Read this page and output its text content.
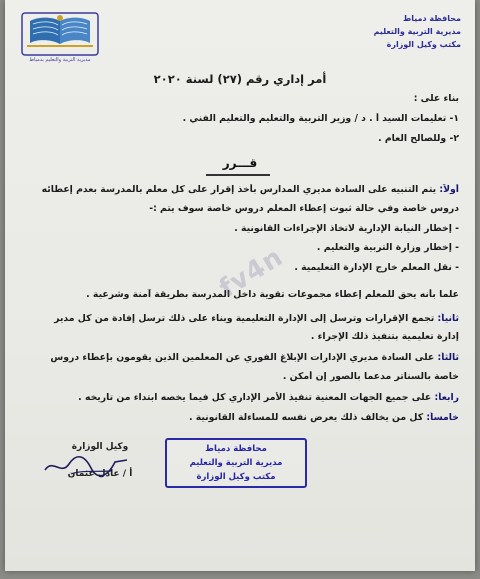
محافظة دمياط
مديرية التربية والتعليم
مكتب وكيل الوزارة
مديرية التربية والتعليم بدمياط
أمر إداري رقم (٢٧) لسنة ٢٠٢٠
بناء على :
١- تعليمات السيد أ . د / وزير التربية والتعليم والتعليم الفني .
٢- وللصالح العام .
قـــرر
أولاً: يتم التنبيه على السادة مديري المدارس بأخذ إقرار على كل معلم بالمدرسة بعدم إعطائه
دروس خاصة وفي حالة ثبوت إعطاء المعلم دروس خاصة سوف يتم :-
- إخطار النيابة الإدارية لاتخاذ الإجراءات القانونية .
- إخطار وزارة التربية والتعليم .
- نقل المعلم خارج الإدارة التعليمية .
علما بأنه يحق للمعلم إعطاء مجموعات تقوية داخل المدرسة بطريقة آمنة وشرعية .
ثانياً: تجمع الإقرارات وترسل إلى الإدارة التعليمية وبناء على ذلك ترسل إفادة من كل مدير
إدارة تعليمية بتنفيذ ذلك الإجراء .
ثالثاً: على السادة مديري الإدارات الإبلاغ الفوري عن المعلمين الذين يقومون بإعطاء دروس
خاصة بالسناتر مدعما بالصور إن أمكن .
رابعاً: على جميع الجهات المعنية تنفيذ الأمر الإداري كل فيما يخصه ابتداء من تاريخه .
خامساً: كل من يخالف ذلك يعرض نفسه للمساءلة القانونية .
fv4n
وكيل الوزارة
أ / عادل عثمان
محافظة دمياط
مديرية التربية والتعليم
مكتب وكيل الوزارة
